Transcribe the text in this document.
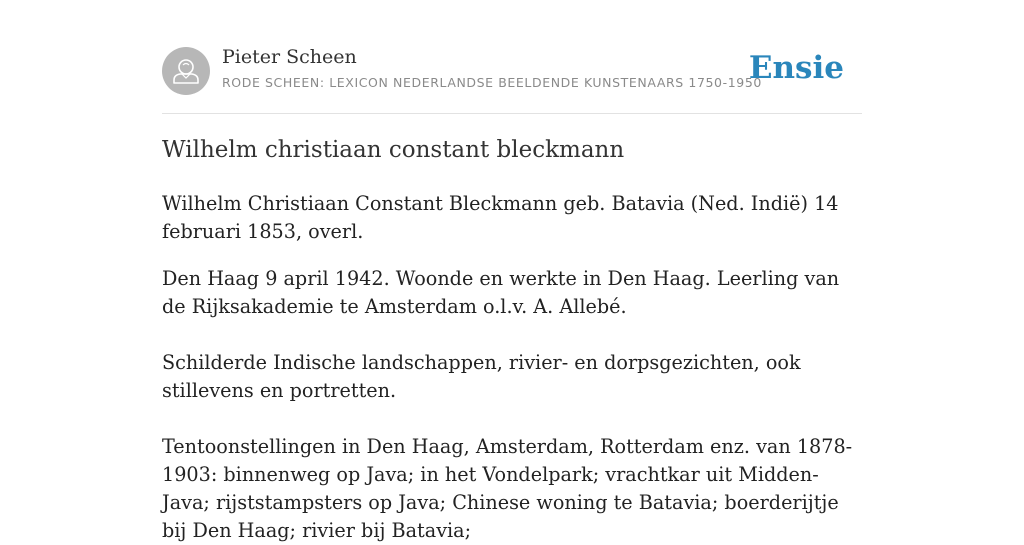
Pieter Scheen
RODE SCHEEN: LEXICON NEDERLANDSE BEELDENDE KUNSTENAARS 1750-1950
Ensie
Wilhelm christiaan constant bleckmann

Wilhelm Christiaan Constant Bleckmann geb. Batavia (Ned. Indië) 14 februari 1853, overl.

Den Haag 9 april 1942. Woonde en werkte in Den Haag. Leerling van de Rijksakademie te Amsterdam o.l.v. A. Allebé.

Schilderde Indische landschappen, rivier- en dorpsgezichten, ook stillevens en portretten.

Tentoonstellingen in Den Haag, Amsterdam, Rotterdam enz. van 1878-1903: binnenweg op Java; in het Vondelpark; vrachtkar uit Midden-Java; rijststampsters op Java; Chinese woning te Batavia; boerderijtje bij Den Haag; rivier bij Batavia;
